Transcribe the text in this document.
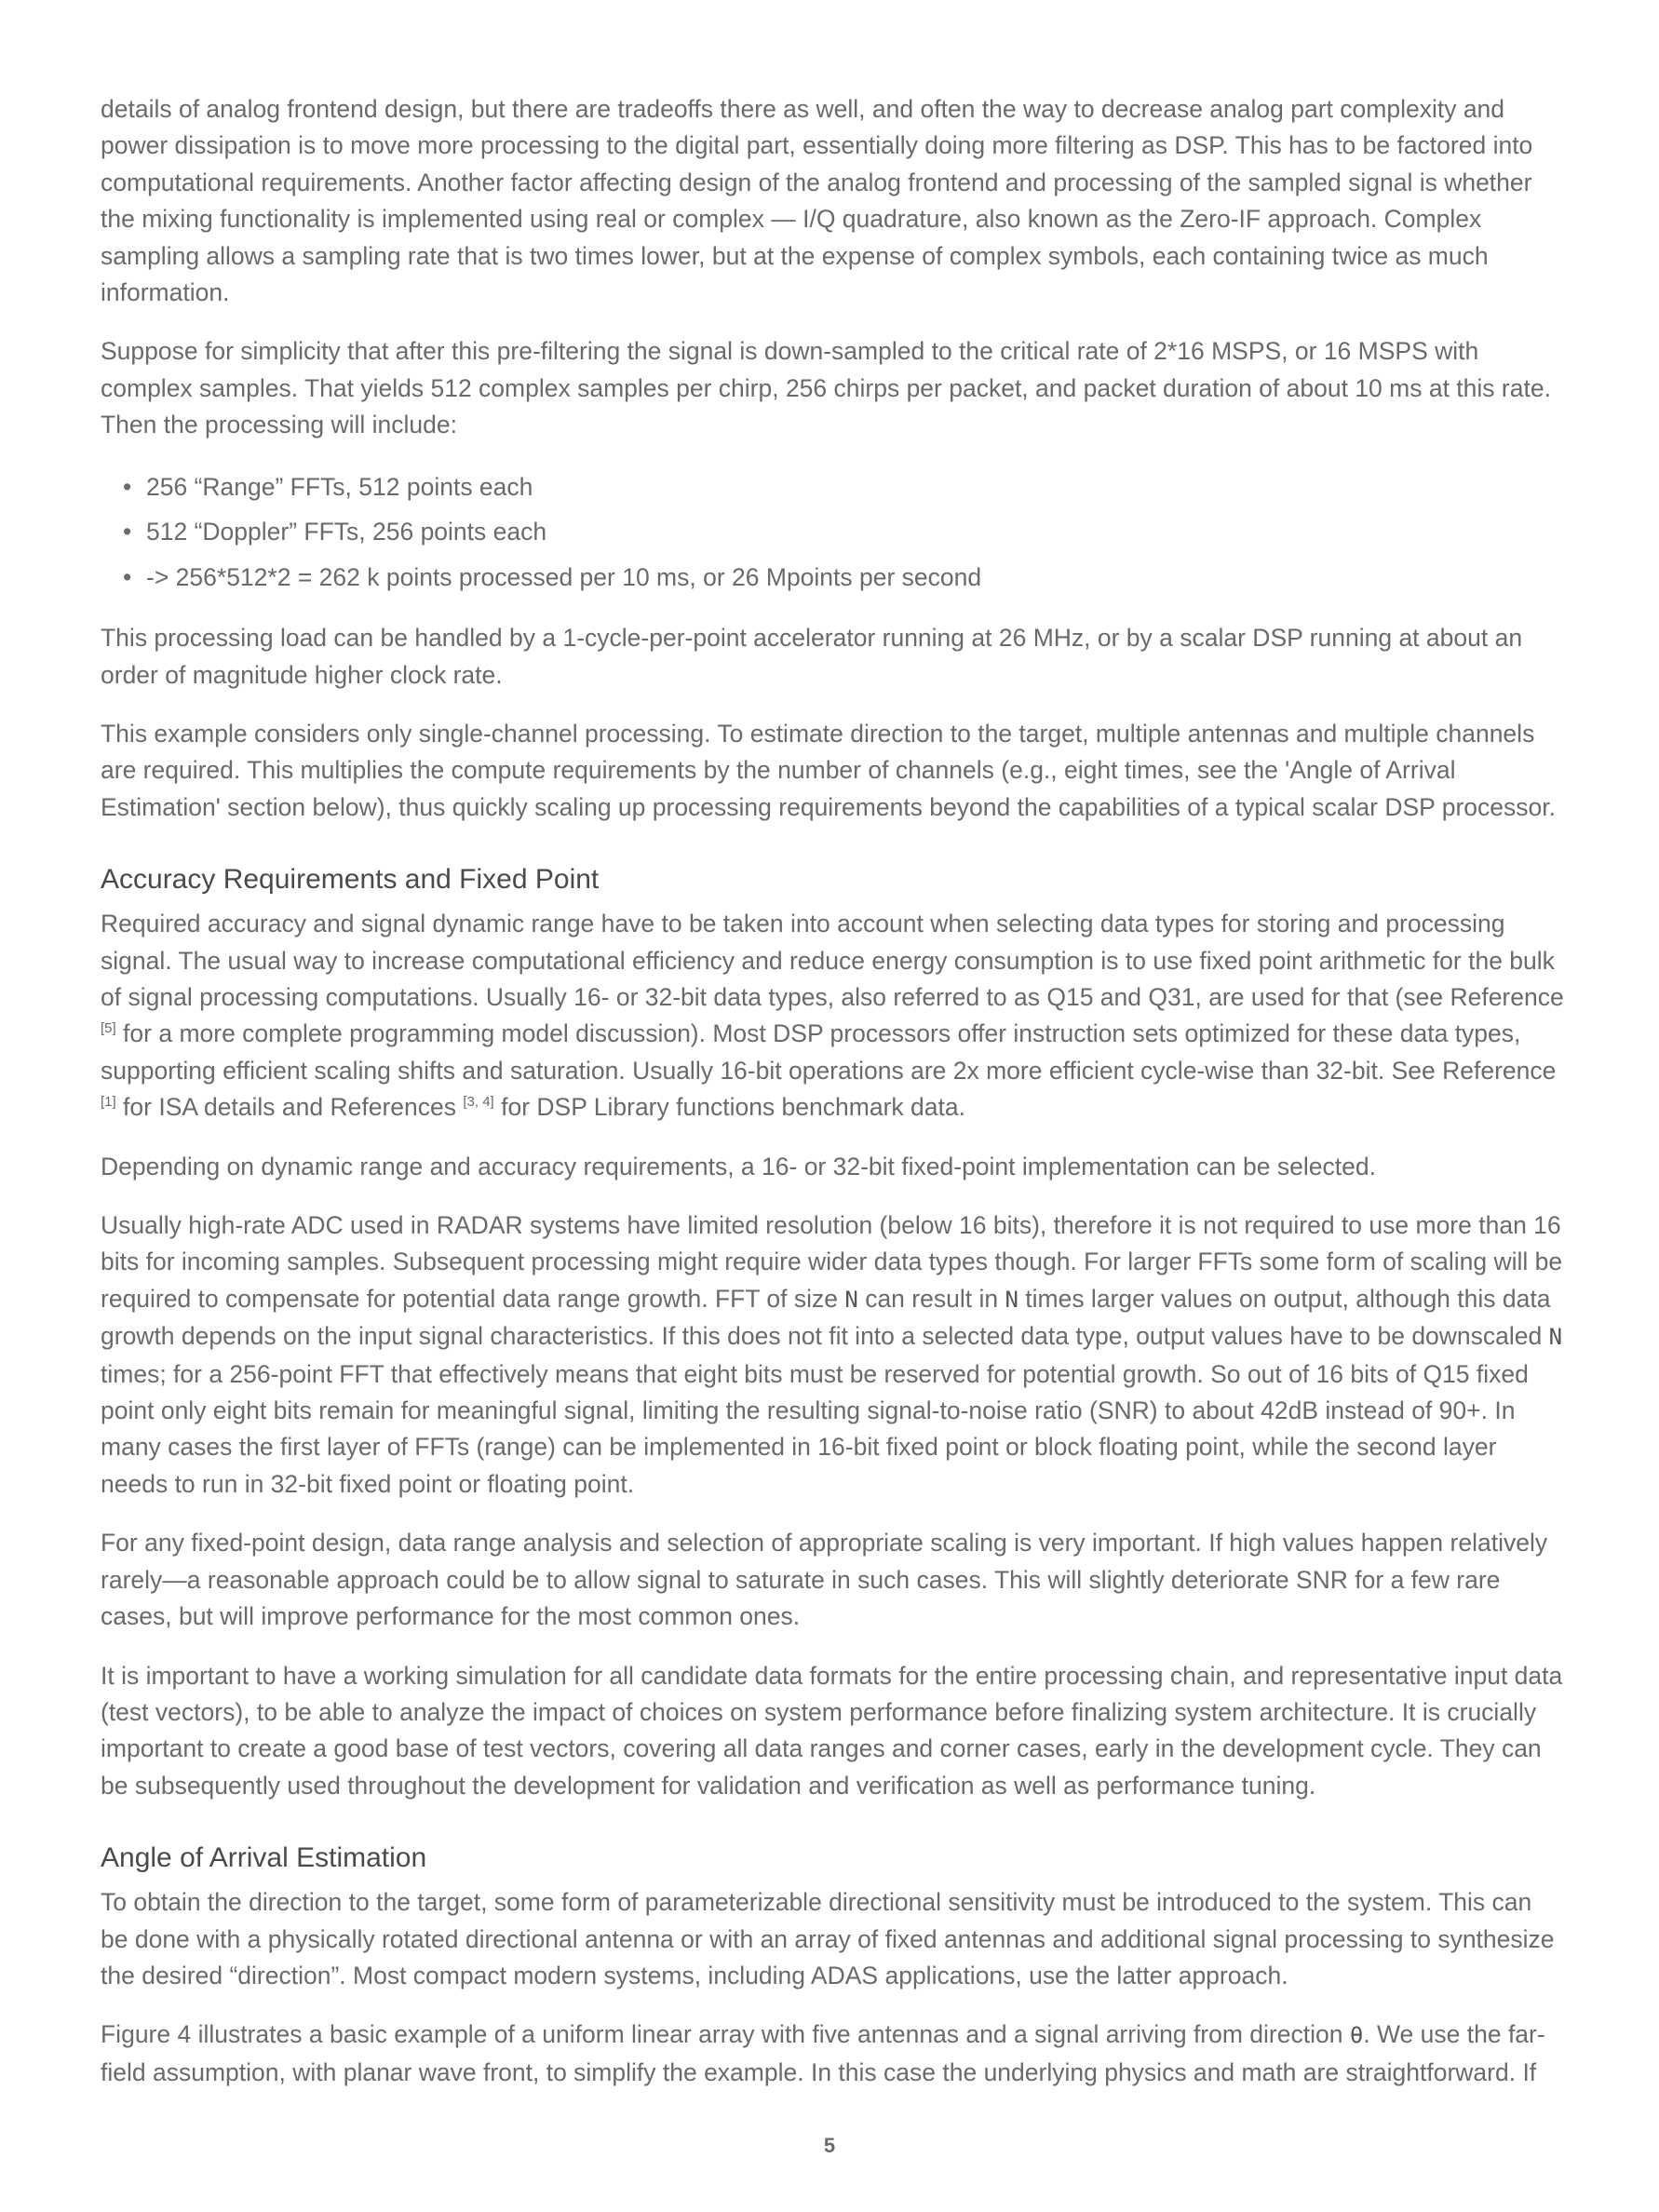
details of analog frontend design, but there are tradeoffs there as well, and often the way to decrease analog part complexity and power dissipation is to move more processing to the digital part, essentially doing more filtering as DSP. This has to be factored into computational requirements. Another factor affecting design of the analog frontend and processing of the sampled signal is whether the mixing functionality is implemented using real or complex — I/Q quadrature, also known as the Zero-IF approach. Complex sampling allows a sampling rate that is two times lower, but at the expense of complex symbols, each containing twice as much information.

Suppose for simplicity that after this pre-filtering the signal is down-sampled to the critical rate of 2*16 MSPS, or 16 MSPS with complex samples. That yields 512 complex samples per chirp, 256 chirps per packet, and packet duration of about 10 ms at this rate. Then the processing will include:

• 256 “Range” FFTs, 512 points each
• 512 “Doppler” FFTs, 256 points each
• -> 256*512*2 = 262 k points processed per 10 ms, or 26 Mpoints per second

This processing load can be handled by a 1-cycle-per-point accelerator running at 26 MHz, or by a scalar DSP running at about an order of magnitude higher clock rate.

This example considers only single-channel processing. To estimate direction to the target, multiple antennas and multiple channels are required. This multiplies the compute requirements by the number of channels (e.g., eight times, see the 'Angle of Arrival Estimation' section below), thus quickly scaling up processing requirements beyond the capabilities of a typical scalar DSP processor.

Accuracy Requirements and Fixed Point

Required accuracy and signal dynamic range have to be taken into account when selecting data types for storing and processing signal. The usual way to increase computational efficiency and reduce energy consumption is to use fixed point arithmetic for the bulk of signal processing computations. Usually 16- or 32-bit data types, also referred to as Q15 and Q31, are used for that (see Reference [5] for a more complete programming model discussion). Most DSP processors offer instruction sets optimized for these data types, supporting efficient scaling shifts and saturation. Usually 16-bit operations are 2x more efficient cycle-wise than 32-bit. See Reference [1] for ISA details and References [3, 4] for DSP Library functions benchmark data.

Depending on dynamic range and accuracy requirements, a 16- or 32-bit fixed-point implementation can be selected.

Usually high-rate ADC used in RADAR systems have limited resolution (below 16 bits), therefore it is not required to use more than 16 bits for incoming samples. Subsequent processing might require wider data types though. For larger FFTs some form of scaling will be required to compensate for potential data range growth. FFT of size N can result in N times larger values on output, although this data growth depends on the input signal characteristics. If this does not fit into a selected data type, output values have to be downscaled N times; for a 256-point FFT that effectively means that eight bits must be reserved for potential growth. So out of 16 bits of Q15 fixed point only eight bits remain for meaningful signal, limiting the resulting signal-to-noise ratio (SNR) to about 42dB instead of 90+. In many cases the first layer of FFTs (range) can be implemented in 16-bit fixed point or block floating point, while the second layer needs to run in 32-bit fixed point or floating point.

For any fixed-point design, data range analysis and selection of appropriate scaling is very important. If high values happen relatively rarely—a reasonable approach could be to allow signal to saturate in such cases. This will slightly deteriorate SNR for a few rare cases, but will improve performance for the most common ones.

It is important to have a working simulation for all candidate data formats for the entire processing chain, and representative input data (test vectors), to be able to analyze the impact of choices on system performance before finalizing system architecture. It is crucially important to create a good base of test vectors, covering all data ranges and corner cases, early in the development cycle. They can be subsequently used throughout the development for validation and verification as well as performance tuning.

Angle of Arrival Estimation

To obtain the direction to the target, some form of parameterizable directional sensitivity must be introduced to the system. This can be done with a physically rotated directional antenna or with an array of fixed antennas and additional signal processing to synthesize the desired “direction”. Most compact modern systems, including ADAS applications, use the latter approach.

Figure 4 illustrates a basic example of a uniform linear array with five antennas and a signal arriving from direction θ. We use the far-field assumption, with planar wave front, to simplify the example. In this case the underlying physics and math are straightforward. If

5
